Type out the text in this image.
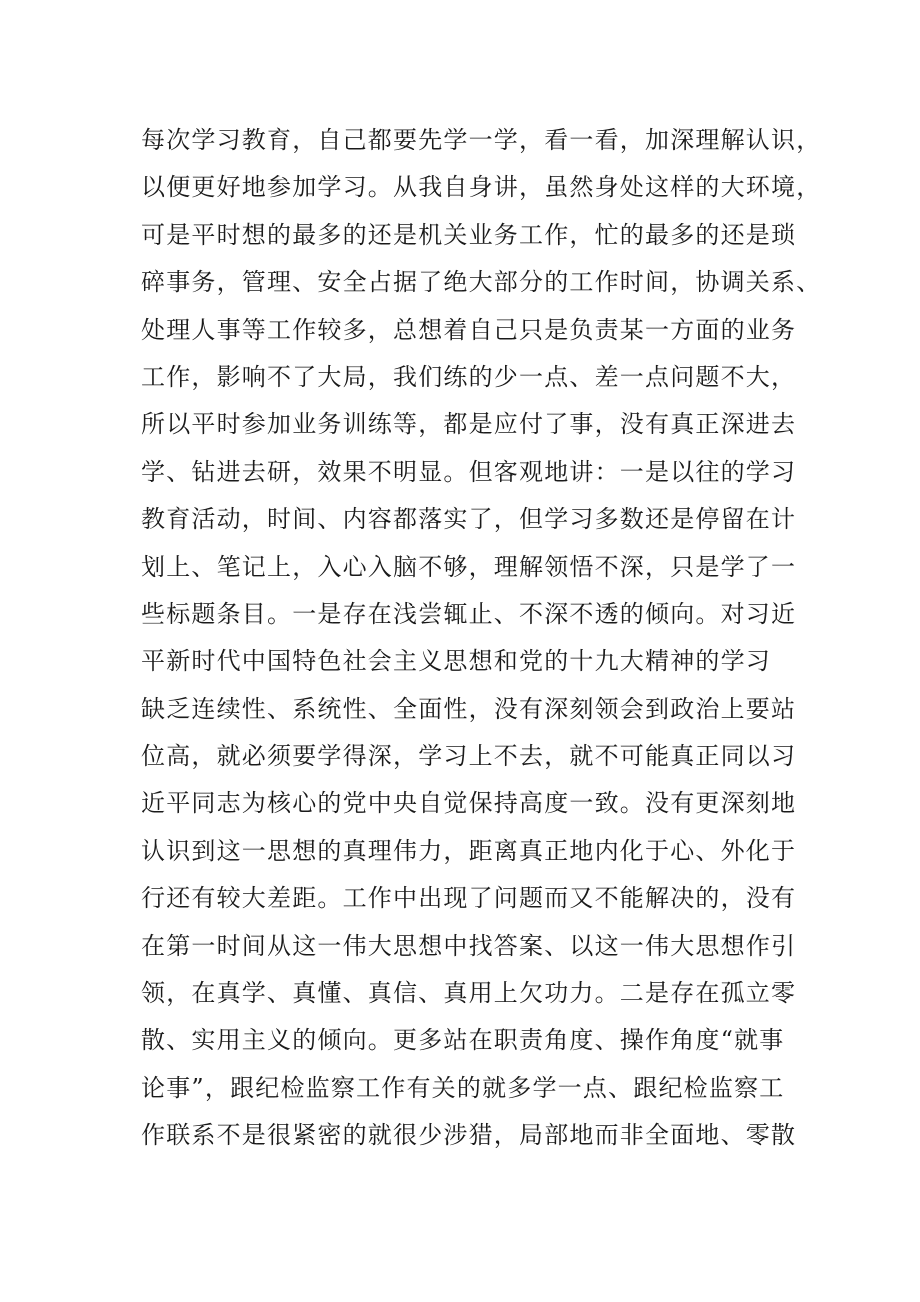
每次学习教育，自己都要先学一学，看一看，加深理解认识，
以便更好地参加学习。从我自身讲，虽然身处这样的大环境，
可是平时想的最多的还是机关业务工作，忙的最多的还是琐
碎事务，管理、安全占据了绝大部分的工作时间，协调关系、
处理人事等工作较多，总想着自己只是负责某一方面的业务
工作，影响不了大局，我们练的少一点、差一点问题不大，
所以平时参加业务训练等，都是应付了事，没有真正深进去
学、钻进去研，效果不明显。但客观地讲：一是以往的学习
教育活动，时间、内容都落实了，但学习多数还是停留在计
划上、笔记上，入心入脑不够，理解领悟不深，只是学了一
些标题条目。一是存在浅尝辄止、不深不透的倾向。对习近
平新时代中国特色社会主义思想和党的十九大精神的学习
缺乏连续性、系统性、全面性，没有深刻领会到政治上要站
位高，就必须要学得深，学习上不去，就不可能真正同以习
近平同志为核心的党中央自觉保持高度一致。没有更深刻地
认识到这一思想的真理伟力，距离真正地内化于心、外化于
行还有较大差距。工作中出现了问题而又不能解决的，没有
在第一时间从这一伟大思想中找答案、以这一伟大思想作引
领，在真学、真懂、真信、真用上欠功力。二是存在孤立零
散、实用主义的倾向。更多站在职责角度、操作角度“就事
论事”，跟纪检监察工作有关的就多学一点、跟纪检监察工
作联系不是很紧密的就很少涉猎，局部地而非全面地、零散
